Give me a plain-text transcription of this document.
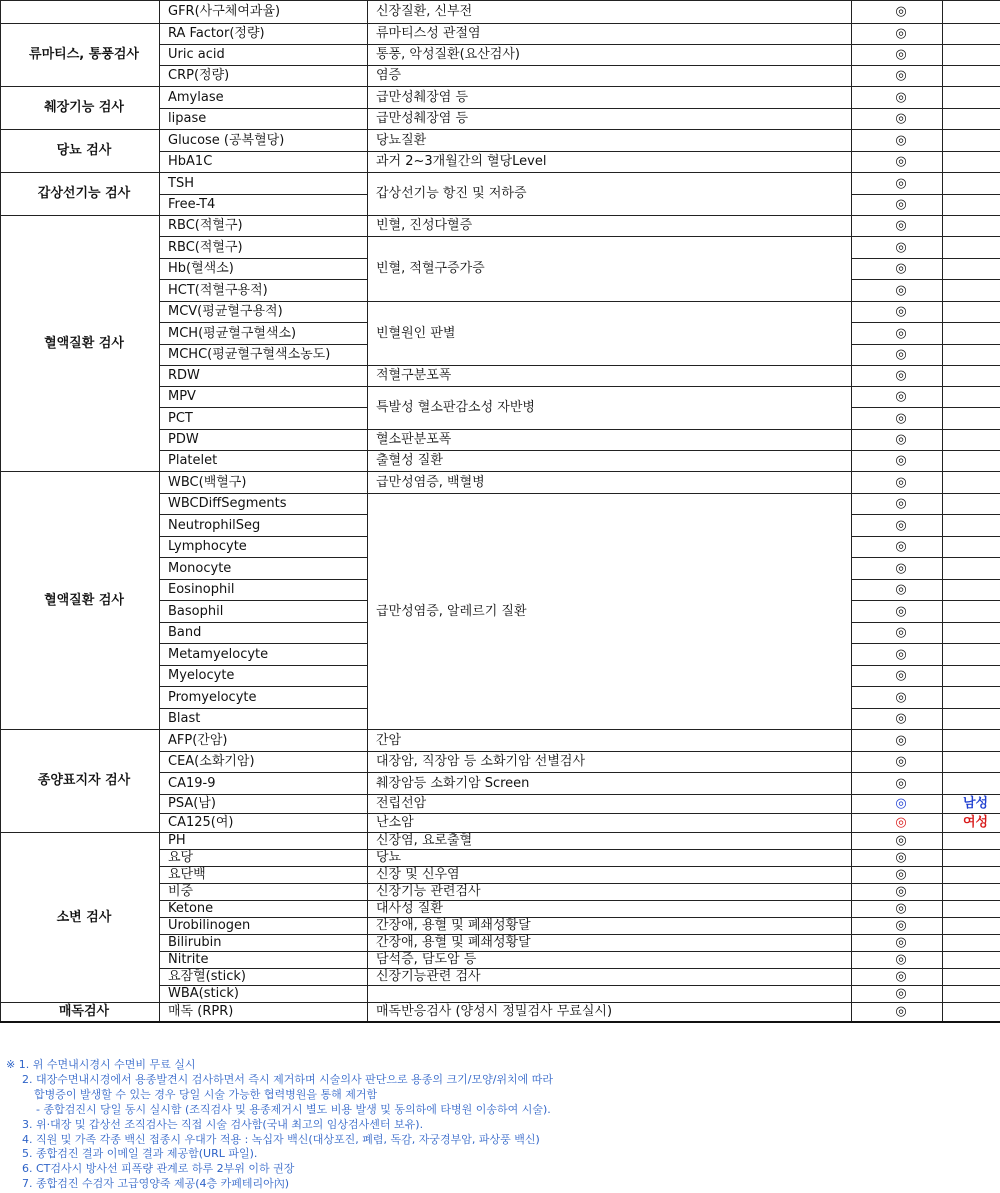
	GFR(사구체여과율)	신장질환, 신부전	◎	
류마티스, 통풍검사	RA Factor(정량)	류마티스성 관절염	◎	
	Uric acid	통풍, 악성질환(요산검사)	◎	
	CRP(정량)	염증	◎	
췌장기능 검사	Amylase	급만성췌장염 등	◎	
	lipase	급만성췌장염 등	◎	
당뇨 검사	Glucose (공복혈당)	당뇨질환	◎	
	HbA1C	과거 2~3개월간의 혈당Level	◎	
갑상선기능 검사	TSH	갑상선기능 항진 및 저하증	◎	
	Free-T4		◎	
혈액질환 검사	RBC(적혈구)	빈혈, 진성다혈증	◎	
	RBC(적혈구)	빈혈, 적혈구증가증	◎	
	Hb(혈색소)		◎	
	HCT(적혈구용적)		◎	
	MCV(평균혈구용적)	빈혈원인 판별	◎	
	MCH(평균혈구혈색소)		◎	
	MCHC(평균혈구혈색소농도)		◎	
	RDW	적혈구분포폭	◎	
	MPV	특발성 혈소판감소성 자반병	◎	
	PCT		◎	
	PDW	혈소판분포폭	◎	
	Platelet	출혈성 질환	◎	
혈액질환 검사	WBC(백혈구)	급만성염증, 백혈병	◎	
	WBCDiffSegments	급만성염증, 알레르기 질환	◎	
	NeutrophilSeg		◎	
	Lymphocyte		◎	
	Monocyte		◎	
	Eosinophil		◎	
	Basophil		◎	
	Band		◎	
	Metamyelocyte		◎	
	Myelocyte		◎	
	Promyelocyte		◎	
	Blast		◎	
종양표지자 검사	AFP(간암)	간암	◎	
	CEA(소화기암)	대장암, 직장암 등 소화기암 선별검사	◎	
	CA19-9	췌장암등 소화기암 Screen	◎	
	PSA(남)	전립선암	◎	남성
	CA125(여)	난소암	◎	여성
소변 검사	PH	신장염, 요로출혈	◎	
	요당	당뇨	◎	
	요단백	신장 및 신우염	◎	
	비중	신장기능 관련검사	◎	
	Ketone	대사성 질환	◎	
	Urobilinogen	간장애, 용혈 및 폐쇄성황달	◎	
	Bilirubin	간장애, 용혈 및 폐쇄성황달	◎	
	Nitrite	담석증, 담도암 등	◎	
	요잠혈(stick)	신장기능관련 검사	◎	
	WBA(stick)		◎	
매독검사	매독 (RPR)	매독반응검사 (양성시 정밀검사 무료실시)	◎	
※ 1. 위 수면내시경시 수면비 무료 실시
2. 대장수면내시경에서 용종발견시 검사하면서 즉시 제거하며 시술의사 판단으로 용종의 크기/모양/위치에 따라
합병증이 발생할 수 있는 경우 당일 시술 가능한 협력병원을 통해 제거함
- 종합검진시 당일 동시 실시함 (조직검사 및 용종제거시 별도 비용 발생 및 동의하에 타병원 이송하여 시술).
3. 위·대장 및 갑상선 조직검사는 직접 시술 검사함(국내 최고의 임상검사센터 보유).
4. 직원 및 가족 각종 백신 접종시 우대가 적용 : 녹십자 백신(대상포진, 폐렴, 독감, 자궁경부암, 파상풍 백신)
5. 종합검진 결과 이메일 결과 제공함(URL 파일).
6. CT검사시 방사선 피폭량 관계로 하루 2부위 이하 권장
7. 종합검진 수검자 고급영양죽 제공(4층 카페테리아內)
